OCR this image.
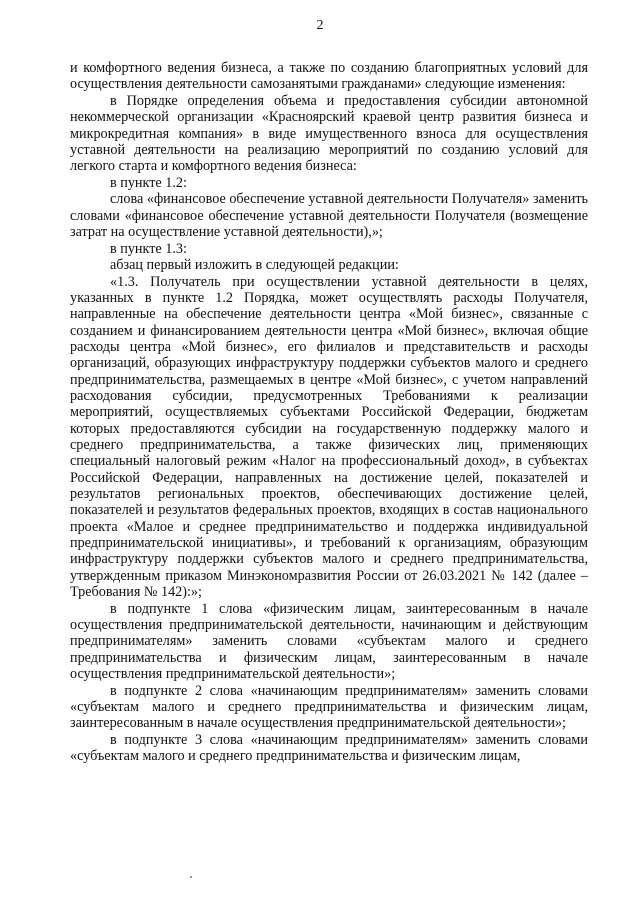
2

и комфортного ведения бизнеса, а также по созданию благоприятных условий для осуществления деятельности самозанятыми гражданами» следующие изменения:

в Порядке определения объема и предоставления субсидии автономной некоммерческой организации «Красноярский краевой центр развития бизнеса и микрокредитная компания» в виде имущественного взноса для осуществления уставной деятельности на реализацию мероприятий по созданию условий для легкого старта и комфортного ведения бизнеса:

в пункте 1.2:

слова «финансовое обеспечение уставной деятельности Получателя» заменить словами «финансовое обеспечение уставной деятельности Получателя (возмещение затрат на осуществление уставной деятельности),»;

в пункте 1.3:

абзац первый изложить в следующей редакции:

«1.3. Получатель при осуществлении уставной деятельности в целях, указанных в пункте 1.2 Порядка, может осуществлять расходы Получателя, направленные на обеспечение деятельности центра «Мой бизнес», связанные с созданием и финансированием деятельности центра «Мой бизнес», включая общие расходы центра «Мой бизнес», его филиалов и представительств и расходы организаций, образующих инфраструктуру поддержки субъектов малого и среднего предпринимательства, размещаемых в центре «Мой бизнес», с учетом направлений расходования субсидии, предусмотренных Требованиями к реализации мероприятий, осуществляемых субъектами Российской Федерации, бюджетам которых предоставляются субсидии на государственную поддержку малого и среднего предпринимательства, а также физических лиц, применяющих специальный налоговый режим «Налог на профессиональный доход», в субъектах Российской Федерации, направленных на достижение целей, показателей и результатов региональных проектов, обеспечивающих достижение целей, показателей и результатов федеральных проектов, входящих в состав национального проекта «Малое и среднее предпринимательство и поддержка индивидуальной предпринимательской инициативы», и требований к организациям, образующим инфраструктуру поддержки субъектов малого и среднего предпринимательства, утвержденным приказом Минэкономразвития России от 26.03.2021 № 142 (далее – Требования № 142):»;

в подпункте 1 слова «физическим лицам, заинтересованным в начале осуществления предпринимательской деятельности, начинающим и действующим предпринимателям» заменить словами «субъектам малого и среднего предпринимательства и физическим лицам, заинтересованным в начале осуществления предпринимательской деятельности»;

в подпункте 2 слова «начинающим предпринимателям» заменить словами «субъектам малого и среднего предпринимательства и физическим лицам, заинтересованным в начале осуществления предпринимательской деятельности»;

в подпункте 3 слова «начинающим предпринимателям» заменить словами «субъектам малого и среднего предпринимательства и физическим лицам,
